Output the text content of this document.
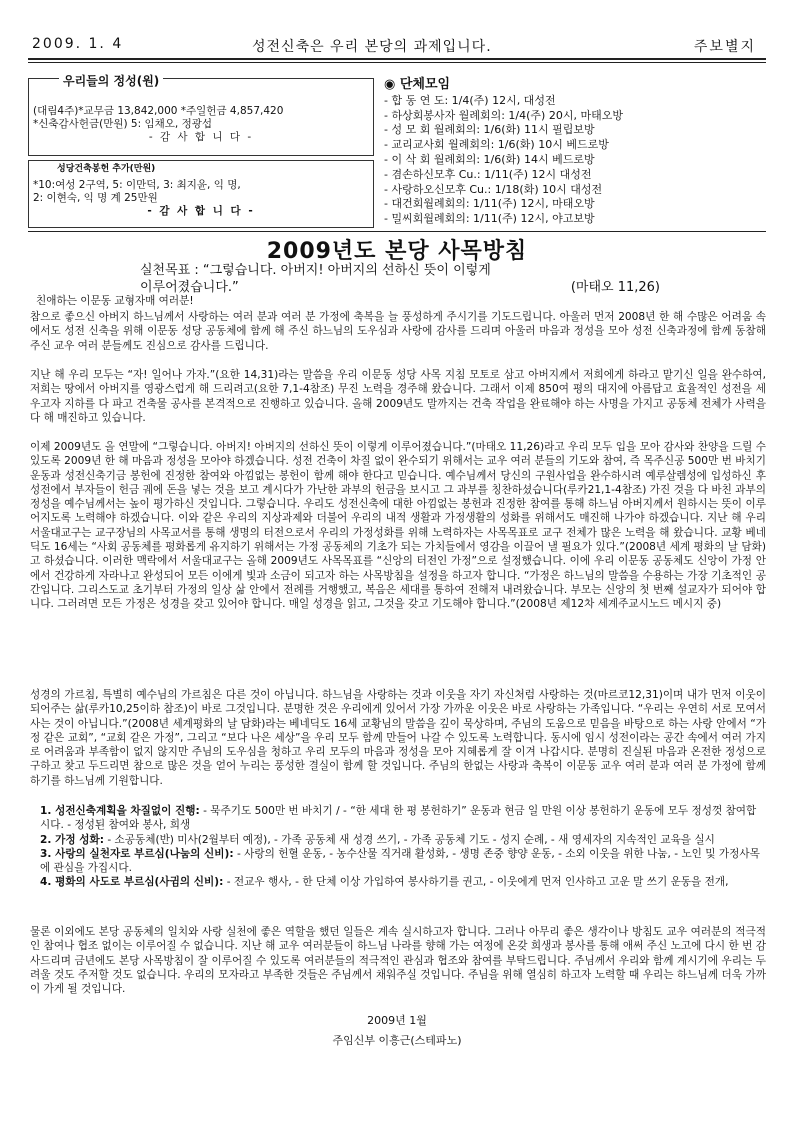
2009. 1. 4	성전신축은 우리 본당의 과제입니다.	주보별지
우리들의 정성(원)
(대림4주)*교무금 13,842,000 *주일헌금 4,857,420
*신축감사헌금(만원) 5: 임채오, 정광섭
- 감 사 합 니 다 -
성당건축봉헌 추가(만원)
*10:여성 2구역, 5: 이만덕, 3: 최지윤, 익 명,
2: 이현숙, 익 명 계 25만원
- 감 사 합 니 다 -
◉ 단체모임
- 합 동 연 도: 1/4(주) 12시, 대성전
- 하상회봉사자 월례회의: 1/4(주) 20시, 마태오방
- 성 모 회 월례회의: 1/6(화) 11시 필립보방
- 교리교사회 월례회의: 1/6(화) 10시 베드로방
- 이 삭 회 월례회의: 1/6(화) 14시 베드로방
- 겸손하신모후 Cu.: 1/11(주) 12시 대성전
- 사랑하오신모후 Cu.: 1/18(화) 10시 대성전
- 대건회월례회의: 1/11(주) 12시, 마태오방
- 밀씨회월례회의: 1/11(주) 12시, 야고보방
2009년도 본당 사목방침
실천목표 : “그렇습니다. 아버지! 아버지의 선하신 뜻이 이렇게
이루어졌습니다.”	(마태오 11,26)
친애하는 이문동 교형자매 여러분!
참으로 좋으신 아버지 하느님께서 사랑하는 여러 분과 여러 분 가정에 축복을 늘 풍성하게 주시기를 기도드립니다. 아울러 먼저 2008년 한 해 수많은 어려움 속에서도 성전 신축을 위해 이문동 성당 공동체에 함께 해 주신 하느님의 도우심과 사랑에 감사를 드리며 아울러 마음과 정성을 모아 성전 신축과정에 함께 동참해 주신 교우 여러 분들께도 진심으로 감사를 드립니다.
지난 해 우리 모두는 “자! 일어나 가자.”(요한 14,31)라는 말씀을 우리 이문동 성당 사목 지침 모토로 삼고 아버지께서 저희에게 하라고 맡기신 일을 완수하여, 저희는 땅에서 아버지를 영광스럽게 해 드리려고(요한 7,1-4참조) 무진 노력을 경주해 왔습니다. 그래서 이제 850여 평의 대지에 아름답고 효율적인 성전을 세우고자 지하를 다 파고 건축물 공사를 본격적으로 진행하고 있습니다. 올해 2009년도 말까지는 건축 작업을 완료해야 하는 사명을 가지고 공동체 전체가 사력을 다 해 매진하고 있습니다.
이제 2009년도 올 연말에 “그렇습니다. 아버지! 아버지의 선하신 뜻이 이렇게 이루어졌습니다.”(마태오 11,26)라고 우리 모두 입을 모아 감사와 찬양을 드릴 수 있도록 2009년 한 해 마음과 정성을 모아야 하겠습니다. 성전 건축이 차질 없이 완수되기 위해서는 교우 여러 분들의 기도와 참여, 즉 목주신공 500만 번 바치기 운동과 성전신축기금 봉헌에 진정한 참여와 아낌없는 봉헌이 함께 해야 한다고 믿습니다. 예수님께서 당신의 구원사업을 완수하시려 예루살렘성에 입성하신 후 성전에서 부자들이 헌금 궤에 돈을 넣는 것을 보고 계시다가 가난한 과부의 헌금을 보시고 그 과부를 칭찬하셨습니다(루카21,1-4참조) 가진 것을 다 바친 과부의 정성을 예수님께서는 높이 평가하신 것입니다. 그렇습니다. 우리도 성전신축에 대한 아낌없는 봉헌과 진정한 참여를 통해 하느님 아버지께서 원하시는 뜻이 이루어지도록 노력해야 하겠습니다. 이와 같은 우리의 지상과제와 더불어 우리의 내적 생활과 가정생활의 성화를 위해서도 매진해 나가야 하겠습니다. 지난 해 우리 서울대교구는 교구장님의 사목교서를 통해 생명의 터전으로서 우리의 가정성화를 위해 노력하자는 사목목표로 교구 전체가 많은 노력을 해 왔습니다. 교황 베네딕도 16세는 “사회 공동체를 평화롭게 유지하기 위해서는 가정 공동체의 기초가 되는 가치들에서 영감을 이끌어 낼 필요가 있다.”(2008년 세계 평화의 날 담화)고 하셨습니다. 이러한 맥락에서 서울대교구는 올해 2009년도 사목목표를 “신앙의 터전인 가정”으로 설정했습니다. 이에 우리 이문동 공동체도 신앙이 가정 안에서 건강하게 자라나고 완성되어 모든 이에게 빛과 소금이 되고자 하는 사목방침을 설정을 하고자 합니다. “가정은 하느님의 말씀을 수용하는 가장 기초적인 공간입니다. 그리스도교 초기부터 가정의 일상 삶 안에서 전례를 거행했고, 복음은 세대를 통하여 전해져 내려왔습니다. 부모는 신앙의 첫 번째 설교자가 되어야 합니다. 그러려면 모든 가정은 성경을 갖고 있어야 합니다. 매일 성경을 읽고, 그것을 갖고 기도해야 합니다.”(2008년 제12차 세계주교시노드 메시지 중)
성경의 가르침, 특별히 예수님의 가르침은 다른 것이 아닙니다. 하느님을 사랑하는 것과 이웃을 자기 자신처럼 사랑하는 것(마르코12,31)이며 내가 먼저 이웃이 되어주는 삶(루카10,25이하 참조)이 바로 그것입니다. 분명한 것은 우리에게 있어서 가장 가까운 이웃은 바로 사랑하는 가족입니다. “우리는 우연히 서로 모여서 사는 것이 아닙니다.”(2008년 세계평화의 날 담화)라는 베네딕도 16세 교황님의 말씀을 깊이 묵상하며, 주님의 도움으로 믿음을 바탕으로 하는 사랑 안에서 “가정 같은 교회”, “교회 같은 가정”, 그리고 “보다 나은 세상”을 우리 모두 함께 만들어 나갈 수 있도록 노력합니다. 동시에 임시 성전이라는 공간 속에서 여러 가지로 어려움과 부족함이 없지 않지만 주님의 도우심을 청하고 우리 모두의 마음과 정성을 모아 지혜롭게 잘 이겨 나갑시다. 분명히 진실된 마음과 온전한 정성으로 구하고 찾고 두드리면 참으로 많은 것을 얻어 누리는 풍성한 결실이 함께 할 것입니다. 주님의 한없는 사랑과 축복이 이문동 교우 여러 분과 여러 분 가정에 함께하기를 하느님께 기원합니다.
1. 성전신축계획을 차질없이 진행: - 묵주기도 500만 번 바치기 / - “한 세대 한 평 봉헌하기” 운동과 현금 일 만원 이상 봉헌하기 운동에 모두 정성껏 참여합시다. - 정성된 참여와 봉사, 희생
2. 가정 성화: - 소공동체(반) 미사(2월부터 예정), - 가족 공동체 새 성경 쓰기, - 가족 공동체 기도 - 성지 순례, - 새 영세자의 지속적인 교육을 실시
3. 사랑의 실천자로 부르심(나눔의 신비): - 사랑의 헌혈 운동, - 농수산물 직거래 활성화, - 생명 존중 향양 운동, - 소외 이웃을 위한 나눔, - 노인 및 가정사목에 관심을 가집시다.
4. 평화의 사도로 부르심(사귐의 신비): - 전교우 행사, - 한 단체 이상 가입하여 봉사하기를 권고, - 이웃에게 먼저 인사하고 고운 말 쓰기 운동을 전개,
물론 이외에도 본당 공동체의 일치와 사랑 실천에 좋은 역할을 했던 일들은 계속 실시하고자 합니다. 그러나 아무리 좋은 생각이나 방침도 교우 여러분의 적극적인 참여나 협조 없이는 이루어질 수 없습니다. 지난 해 교우 여러분들이 하느님 나라를 향해 가는 여정에 온갖 희생과 봉사를 통해 애써 주신 노고에 다시 한 번 감사드리며 금년에도 본당 사목방침이 잘 이루어질 수 있도록 여러분들의 적극적인 관심과 협조와 참여를 부탁드립니다. 주님께서 우리와 함께 계시기에 우리는 두려울 것도 주저할 것도 없습니다. 우리의 모자라고 부족한 것들은 주님께서 채워주실 것입니다. 주님을 위해 열심히 하고자 노력할 때 우리는 하느님께 더욱 가까이 가게 될 것입니다.
2009년 1월
주임신부 이흥근(스테파노)
